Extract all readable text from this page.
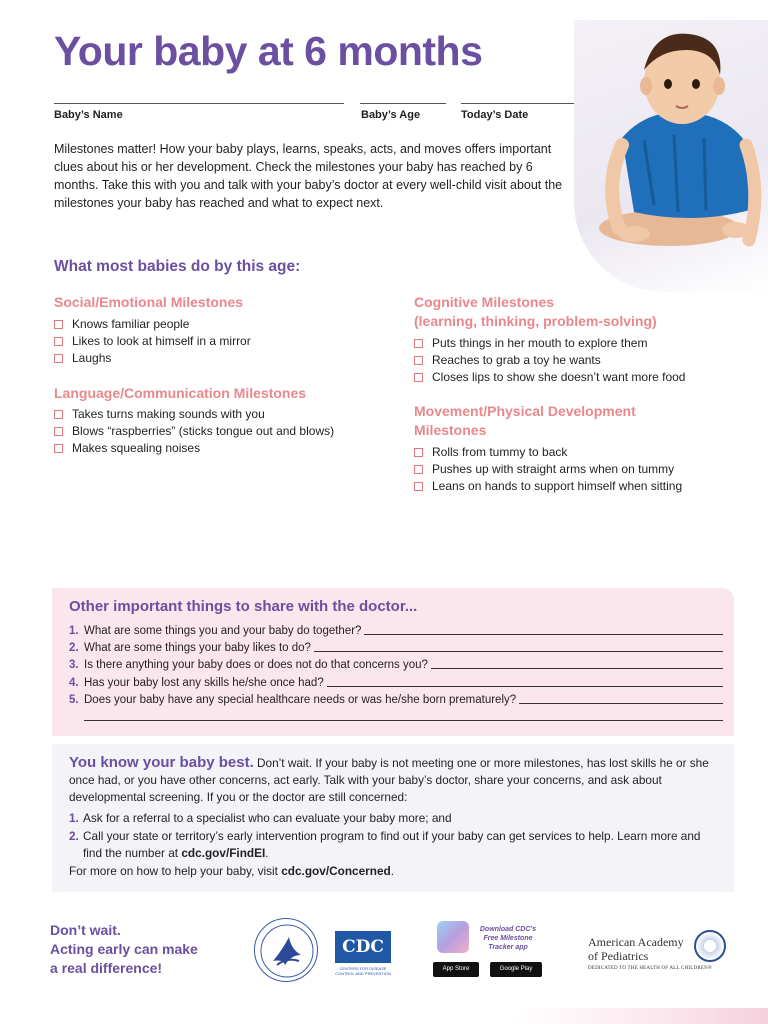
Your baby at 6 months
Baby’s Name	Baby’s Age	Today’s Date
Milestones matter! How your baby plays, learns, speaks, acts, and moves offers important clues about his or her development. Check the milestones your baby has reached by 6 months. Take this with you and talk with your baby’s doctor at every well-child visit about the milestones your baby has reached and what to expect next.
What most babies do by this age:
Social/Emotional Milestones
Knows familiar people
Likes to look at himself in a mirror
Laughs
Language/Communication Milestones
Takes turns making sounds with you
Blows “raspberries” (sticks tongue out and blows)
Makes squealing noises
Cognitive Milestones
(learning, thinking, problem-solving)
Puts things in her mouth to explore them
Reaches to grab a toy he wants
Closes lips to show she doesn’t want more food
Movement/Physical Development
Milestones
Rolls from tummy to back
Pushes up with straight arms when on tummy
Leans on hands to support himself when sitting
Other important things to share with the doctor...
1. What are some things you and your baby do together?
2. What are some things your baby likes to do?
3. Is there anything your baby does or does not do that concerns you?
4. Has your baby lost any skills he/she once had?
5. Does your baby have any special healthcare needs or was he/she born prematurely?
You know your baby best. Don’t wait. If your baby is not meeting one or more milestones, has lost skills he or she once had, or you have other concerns, act early. Talk with your baby’s doctor, share your concerns, and ask about developmental screening. If you or the doctor are still concerned:
1. Ask for a referral to a specialist who can evaluate your baby more; and
2. Call your state or territory’s early intervention program to find out if your baby can get services to help. Learn more and find the number at cdc.gov/FindEI.
For more on how to help your baby, visit cdc.gov/Concerned.
Don’t wait.
Acting early can make
a real difference!
CDC
CENTERS FOR DISEASE CONTROL AND PREVENTION
Download CDC’s
Free Milestone
Tracker app
App Store	Google Play
American Academy
of Pediatrics
DEDICATED TO THE HEALTH OF ALL CHILDREN®
